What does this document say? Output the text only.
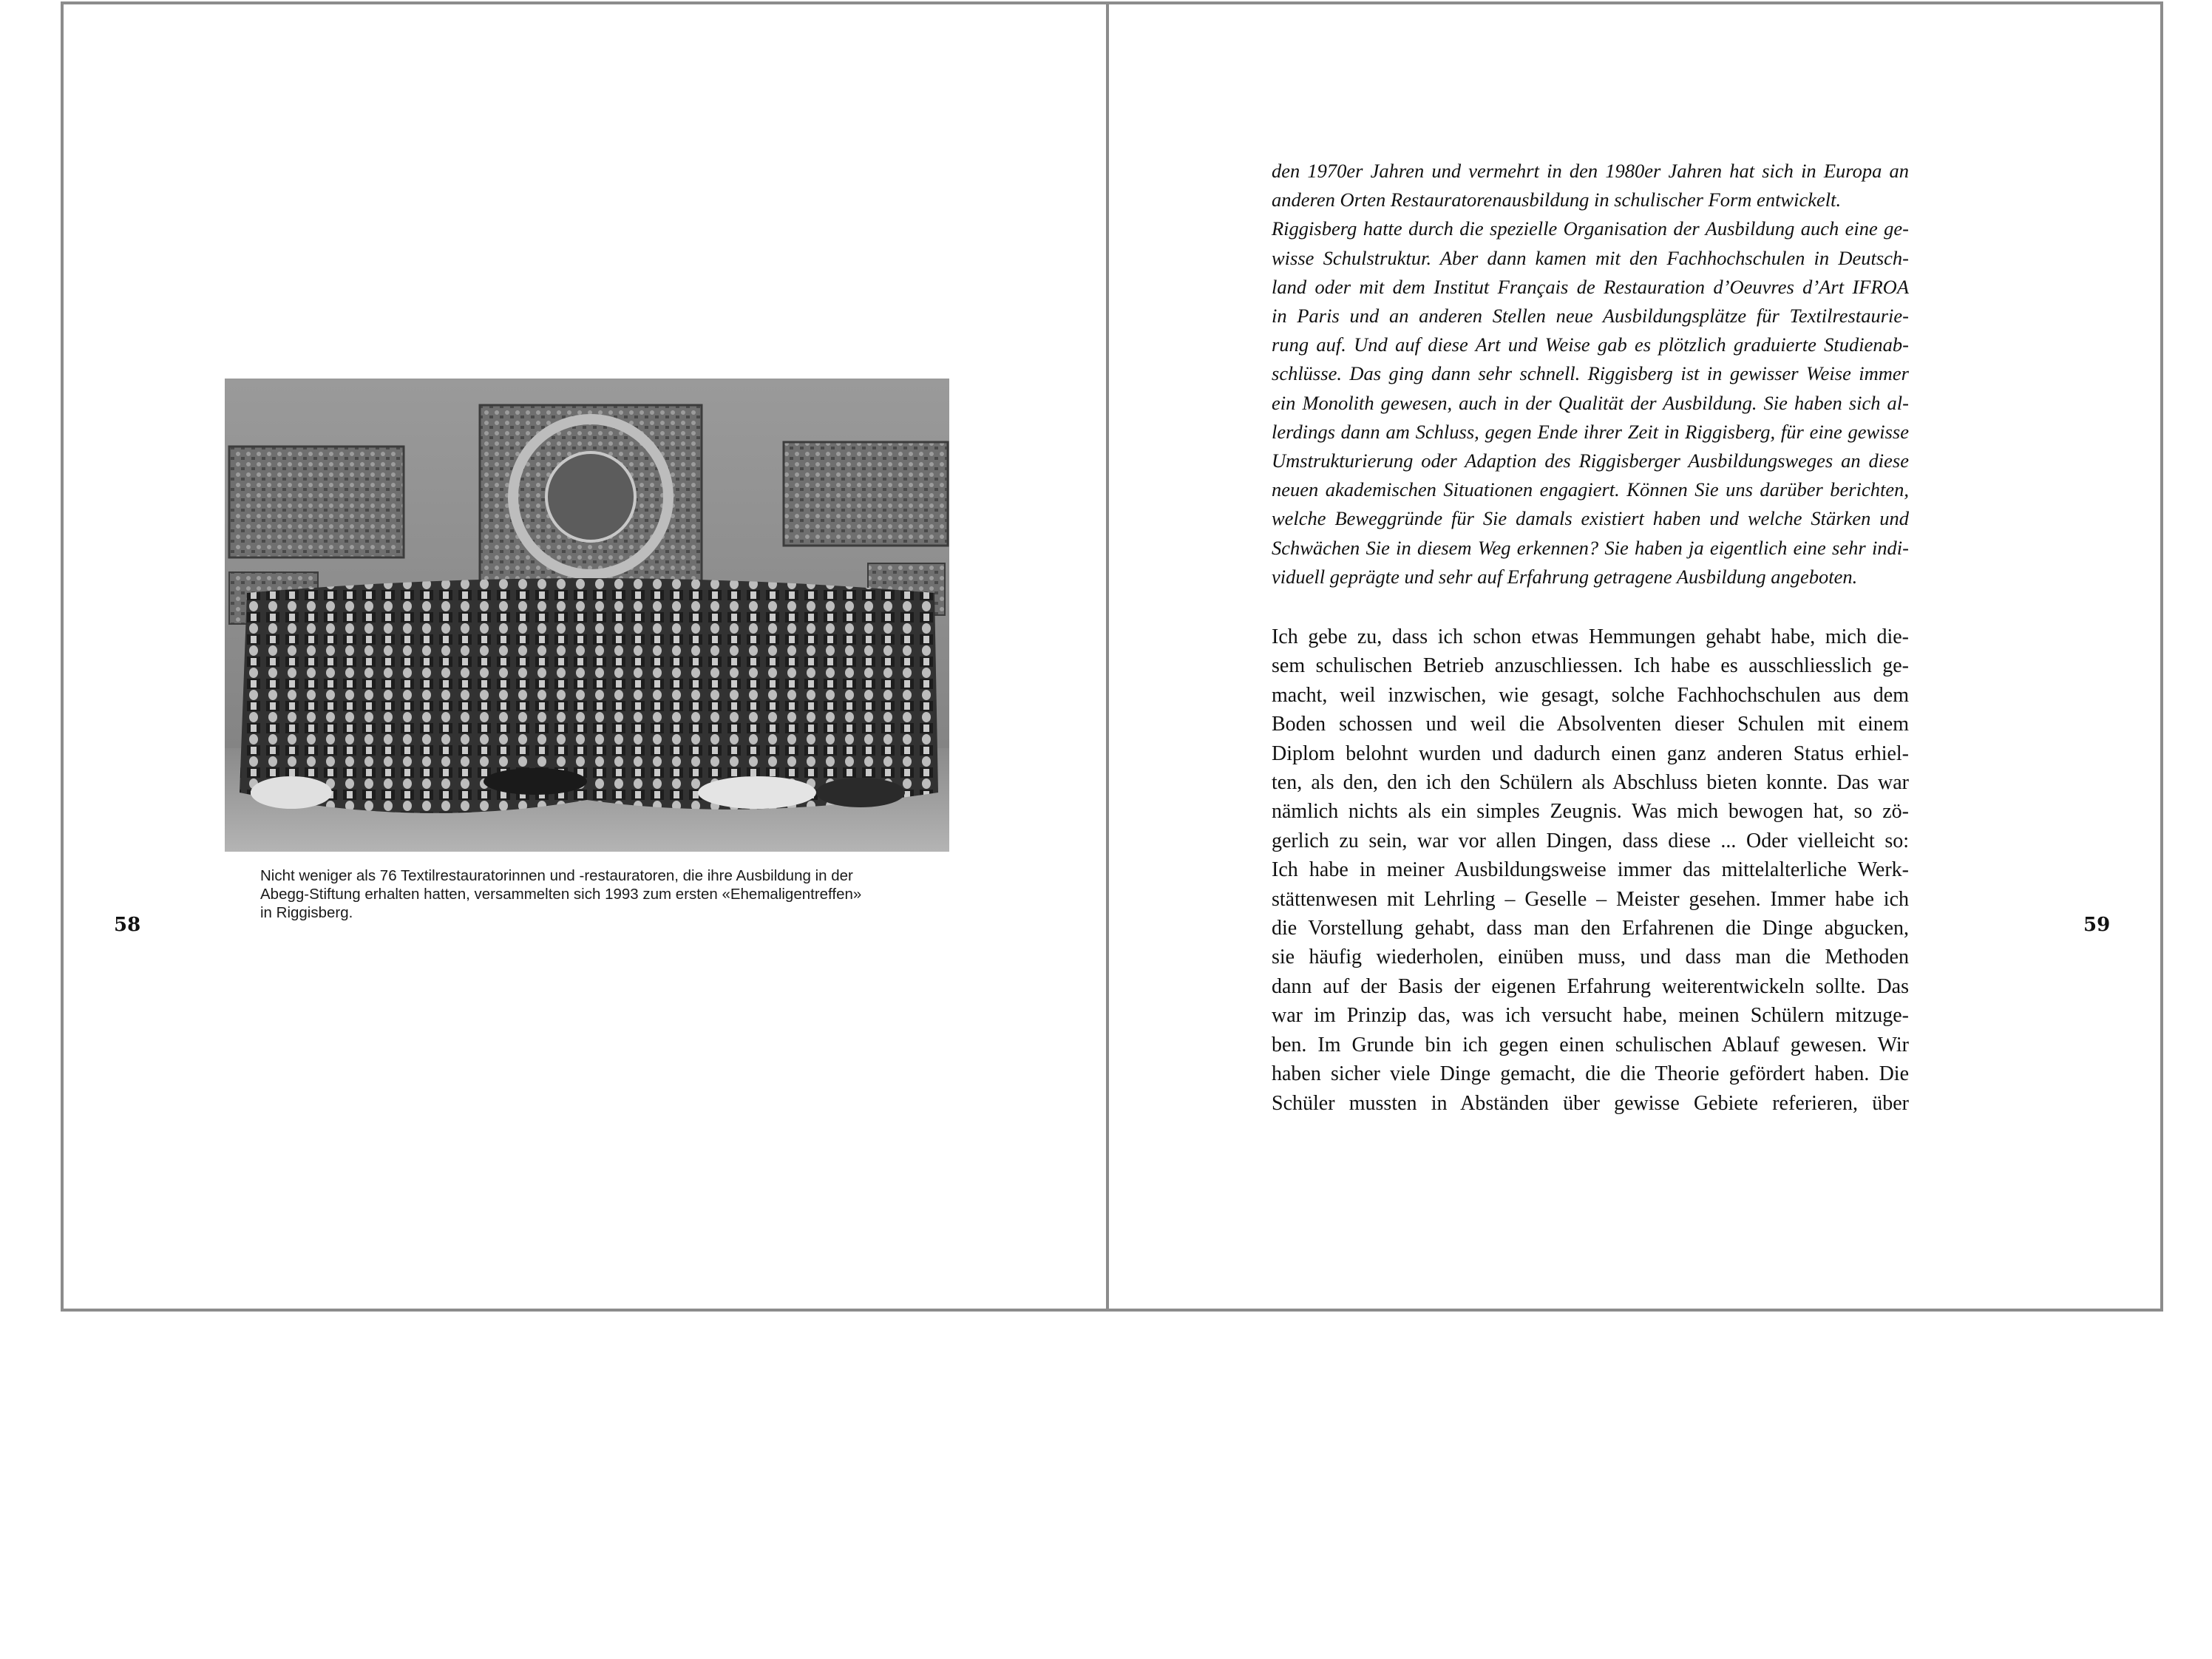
58
Nicht weniger als 76 Textilrestauratorinnen und -restauratoren, die ihre Ausbildung in der
Abegg-Stiftung erhalten hatten, versammelten sich 1993 zum ersten «Ehemaligentreffen»
in Riggisberg.
59
den 1970er Jahren und vermehrt in den 1980er Jahren hat sich in Europa an
anderen Orten Restauratorenausbildung in schulischer Form entwickelt.
Riggisberg hatte durch die spezielle Organisation der Ausbildung auch eine ge-
wisse Schulstruktur. Aber dann kamen mit den Fachhochschulen in Deutsch-
land oder mit dem Institut Français de Restauration d’Oeuvres d’Art IFROA
in Paris und an anderen Stellen neue Ausbildungsplätze für Textilrestaurie-
rung auf. Und auf diese Art und Weise gab es plötzlich graduierte Studienab-
schlüsse. Das ging dann sehr schnell. Riggisberg ist in gewisser Weise immer
ein Monolith gewesen, auch in der Qualität der Ausbildung. Sie haben sich al-
lerdings dann am Schluss, gegen Ende ihrer Zeit in Riggisberg, für eine gewisse
Umstrukturierung oder Adaption des Riggisberger Ausbildungsweges an diese
neuen akademischen Situationen engagiert. Können Sie uns darüber berichten,
welche Beweggründe für Sie damals existiert haben und welche Stärken und
Schwächen Sie in diesem Weg erkennen? Sie haben ja eigentlich eine sehr indi-
viduell geprägte und sehr auf Erfahrung getragene Ausbildung angeboten.
Ich gebe zu, dass ich schon etwas Hemmungen gehabt habe, mich die-
sem schulischen Betrieb anzuschliessen. Ich habe es ausschliesslich ge-
macht, weil inzwischen, wie gesagt, solche Fachhochschulen aus dem
Boden schossen und weil die Absolventen dieser Schulen mit einem
Diplom belohnt wurden und dadurch einen ganz anderen Status erhiel-
ten, als den, den ich den Schülern als Abschluss bieten konnte. Das war
nämlich nichts als ein simples Zeugnis. Was mich bewogen hat, so zö-
gerlich zu sein, war vor allen Dingen, dass diese ... Oder vielleicht so:
Ich habe in meiner Ausbildungsweise immer das mittelalterliche Werk-
stättenwesen mit Lehrling – Geselle – Meister gesehen. Immer habe ich
die Vorstellung gehabt, dass man den Erfahrenen die Dinge abgucken,
sie häufig wiederholen, einüben muss, und dass man die Methoden
dann auf der Basis der eigenen Erfahrung weiterentwickeln sollte. Das
war im Prinzip das, was ich versucht habe, meinen Schülern mitzuge-
ben. Im Grunde bin ich gegen einen schulischen Ablauf gewesen. Wir
haben sicher viele Dinge gemacht, die die Theorie gefördert haben. Die
Schüler mussten in Abständen über gewisse Gebiete referieren, über
